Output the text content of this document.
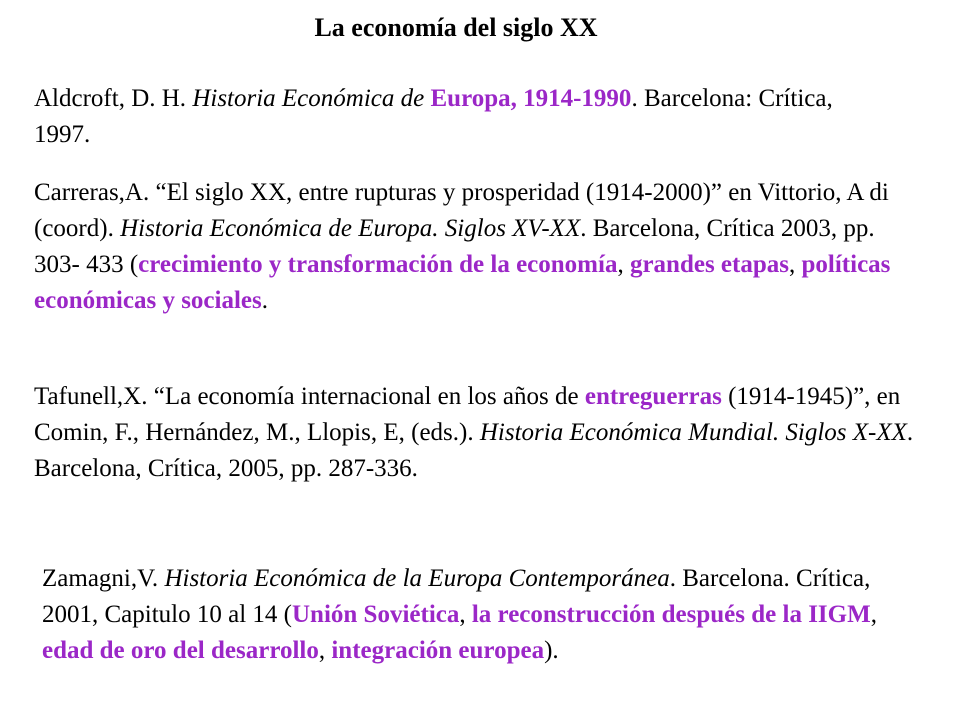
La economía del siglo XX

Aldcroft, D. H. Historia Económica de Europa, 1914-1990. Barcelona: Crítica, 1997.

Carreras,A. “El siglo XX, entre rupturas y prosperidad (1914-2000)” en Vittorio, A di (coord). Historia Económica de Europa. Siglos XV-XX. Barcelona, Crítica 2003, pp. 303- 433 (crecimiento y transformación de la economía, grandes etapas, políticas económicas y sociales.

Tafunell,X. “La economía internacional en los años de entreguerras (1914-1945)”, en Comin, F., Hernández, M., Llopis, E, (eds.). Historia Económica Mundial. Siglos X-XX. Barcelona, Crítica, 2005, pp. 287-336.

Zamagni,V. Historia Económica de la Europa Contemporánea. Barcelona. Crítica, 2001, Capitulo 10 al 14 (Unión Soviética, la reconstrucción después de la IIGM, edad de oro del desarrollo, integración europea).
